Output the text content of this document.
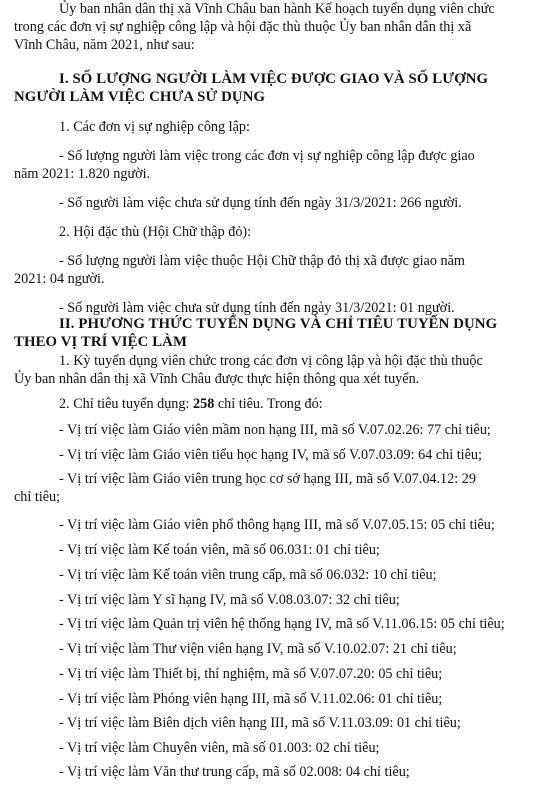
Ủy ban nhân dân thị xã Vĩnh Châu ban hành Kế hoạch tuyển dụng viên chức

trong các đơn vị sự nghiệp công lập và hội đặc thù thuộc Ủy ban nhân dân thị xã

Vĩnh Châu, năm 2021, như sau:

I. SỐ LƯỢNG NGƯỜI LÀM VIỆC ĐƯỢC GIAO VÀ SỐ LƯỢNG

NGƯỜI LÀM VIỆC CHƯA SỬ DỤNG

1. Các đơn vị sự nghiệp công lập:

- Số lượng người làm việc trong các đơn vị sự nghiệp công lập được giao

năm 2021: 1.820 người.

- Số người làm việc chưa sử dụng tính đến ngày 31/3/2021: 266 người.

2. Hội đặc thù (Hội Chữ thập đỏ):

- Số lượng người làm việc thuộc Hội Chữ thập đỏ thị xã được giao năm

2021: 04 người.

- Số người làm việc chưa sử dụng tính đến ngày 31/3/2021: 01 người.

II. PHƯƠNG THỨC TUYỂN DỤNG VÀ CHỈ TIÊU TUYỂN DỤNG

THEO VỊ TRÍ VIỆC LÀM

1. Kỳ tuyển dụng viên chức trong các đơn vị công lập và hội đặc thù thuộc

Ủy ban nhân dân thị xã Vĩnh Châu được thực hiện thông qua xét tuyển.

2. Chỉ tiêu tuyển dụng: 258 chỉ tiêu. Trong đó:

- Vị trí việc làm Giáo viên mầm non hạng III, mã số V.07.02.26: 77 chỉ tiêu;

- Vị trí việc làm Giáo viên tiểu học hạng IV, mã số V.07.03.09: 64 chỉ tiêu;

- Vị trí việc làm Giáo viên trung học cơ sở hạng III, mã số V.07.04.12: 29

chỉ tiêu;

- Vị trí việc làm Giáo viên phổ thông hạng III, mã số V.07.05.15: 05 chỉ tiêu;

- Vị trí việc làm Kế toán viên, mã số 06.031: 01 chỉ tiêu;

- Vị trí việc làm Kế toán viên trung cấp, mã số 06.032: 10 chỉ tiêu;

- Vị trí việc làm Y sĩ hạng IV, mã số V.08.03.07: 32 chỉ tiêu;

- Vị trí việc làm Quản trị viên hệ thống hạng IV, mã số V.11.06.15: 05 chỉ tiêu;

- Vị trí việc làm Thư viện viên hạng IV, mã số V.10.02.07: 21 chỉ tiêu;

- Vị trí việc làm Thiết bị, thí nghiệm, mã số V.07.07.20: 05 chỉ tiêu;

- Vị trí việc làm Phóng viên hạng III, mã số V.11.02.06: 01 chỉ tiêu;

- Vị trí việc làm Biên dịch viên hạng III, mã số V.11.03.09: 01 chỉ tiêu;

- Vị trí việc làm Chuyên viên, mã số 01.003: 02 chỉ tiêu;

- Vị trí việc làm Văn thư trung cấp, mã số 02.008: 04 chỉ tiêu;
